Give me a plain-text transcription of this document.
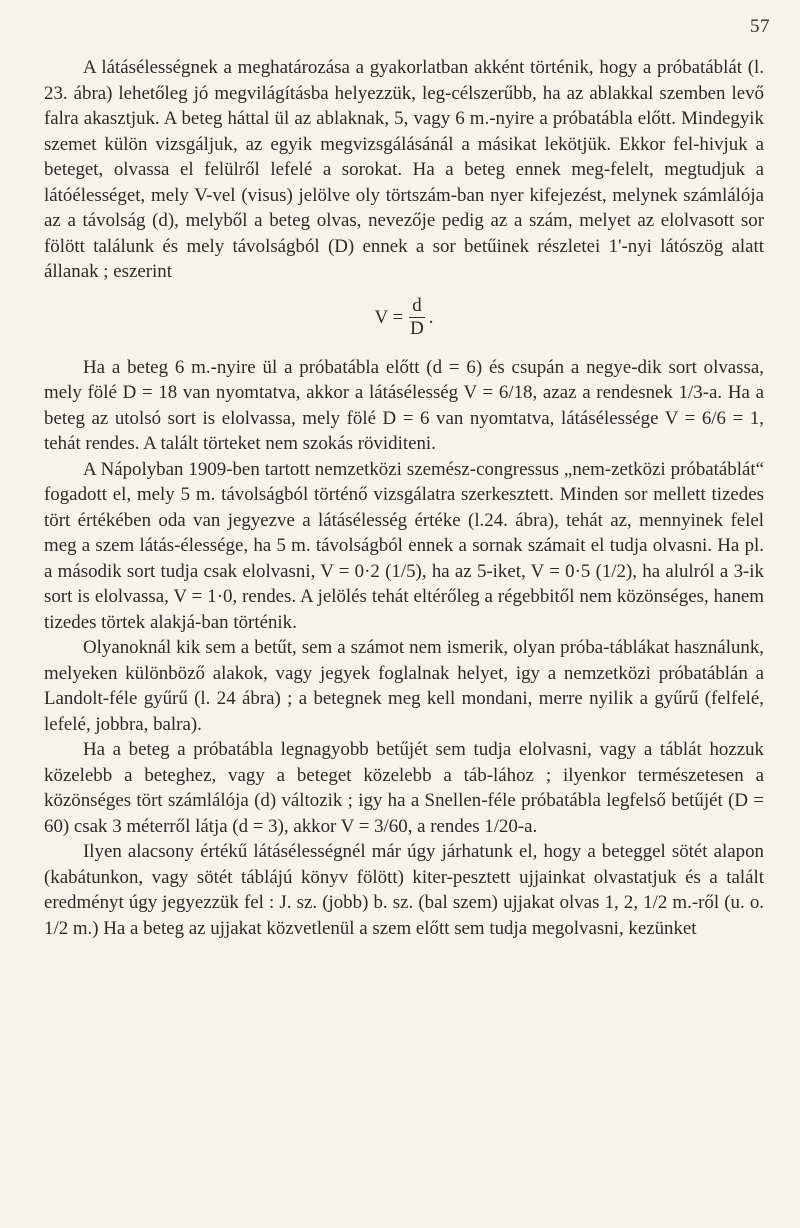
57

A látásélességnek a meghatározása a gyakorlatban akként történik, hogy a próbatáblát (l. 23. ábra) lehetőleg jó megvilágításba helyezzük, leg-célszerűbb, ha az ablakkal szemben levő falra akasztjuk. A beteg háttal ül az ablaknak, 5, vagy 6 m.-nyire a próbatábla előtt. Mindegyik szemet külön vizsgáljuk, az egyik megvizsgálásánál a másikat lekötjük. Ekkor fel-hivjuk a beteget, olvassa el felülről lefelé a sorokat. Ha a beteg ennek meg-felelt, megtudjuk a látóélességet, mely V-vel (visus) jelölve oly törtszám-ban nyer kifejezést, melynek számlálója az a távolság (d), melyből a beteg olvas, nevezője pedig az a szám, melyet az elolvasott sor fölött találunk és mely távolságból (D) ennek a sor betűinek részletei 1'-nyi látószög alatt állanak ; eszerint

$V = \frac{d}{D}$ .

Ha a beteg 6 m.-nyire ül a próbatábla előtt (d = 6) és csupán a negye-dik sort olvassa, mely fölé D = 18 van nyomtatva, akkor a látásélesség V = 6/18, azaz a rendesnek 1/3-a. Ha a beteg az utolsó sort is elolvassa, mely fölé D = 6 van nyomtatva, látásélessége V = 6/6 = 1, tehát rendes. A talált törteket nem szokás röviditeni.

A Nápolyban 1909-ben tartott nemzetközi szemész-congressus „nem-zetközi próbatáblát“ fogadott el, mely 5 m. távolságból történő vizsgálatra szerkesztett. Minden sor mellett tizedes tört értékében oda van jegyezve a látásélesség értéke (l.24. ábra), tehát az, mennyinek felel meg a szem látás-élessége, ha 5 m. távolságból ennek a sornak számait el tudja olvasni. Ha pl. a második sort tudja csak elolvasni, V = 0·2 (1/5), ha az 5-iket, V = 0·5 (1/2), ha alulról a 3-ik sort is elolvassa, V = 1·0, rendes. A jelölés tehát eltérőleg a régebbitől nem közönséges, hanem tizedes törtek alakjá-ban történik.

Olyanoknál kik sem a betűt, sem a számot nem ismerik, olyan próba-táblákat használunk, melyeken különböző alakok, vagy jegyek foglalnak helyet, igy a nemzetközi próbatáblán a Landolt-féle gyűrű (l. 24 ábra) ; a betegnek meg kell mondani, merre nyilik a gyűrű (felfelé, lefelé, jobbra, balra).

Ha a beteg a próbatábla legnagyobb betűjét sem tudja elolvasni, vagy a táblát hozzuk közelebb a beteghez, vagy a beteget közelebb a táb-lához ; ilyenkor természetesen a közönséges tört számlálója (d) változik ; igy ha a Snellen-féle próbatábla legfelső betűjét (D = 60) csak 3 méterről látja (d = 3), akkor V = 3/60, a rendes 1/20-a.

Ilyen alacsony értékű látásélességnél már úgy járhatunk el, hogy a beteggel sötét alapon (kabátunkon, vagy sötét táblájú könyv fölött) kiter-pesztett ujjainkat olvastatjuk és a talált eredményt úgy jegyezzük fel : J. sz. (jobb) b. sz. (bal szem) ujjakat olvas 1, 2, 1/2 m.-ről (u. o. 1/2 m.) Ha a beteg az ujjakat közvetlenül a szem előtt sem tudja megolvasni, kezünket
